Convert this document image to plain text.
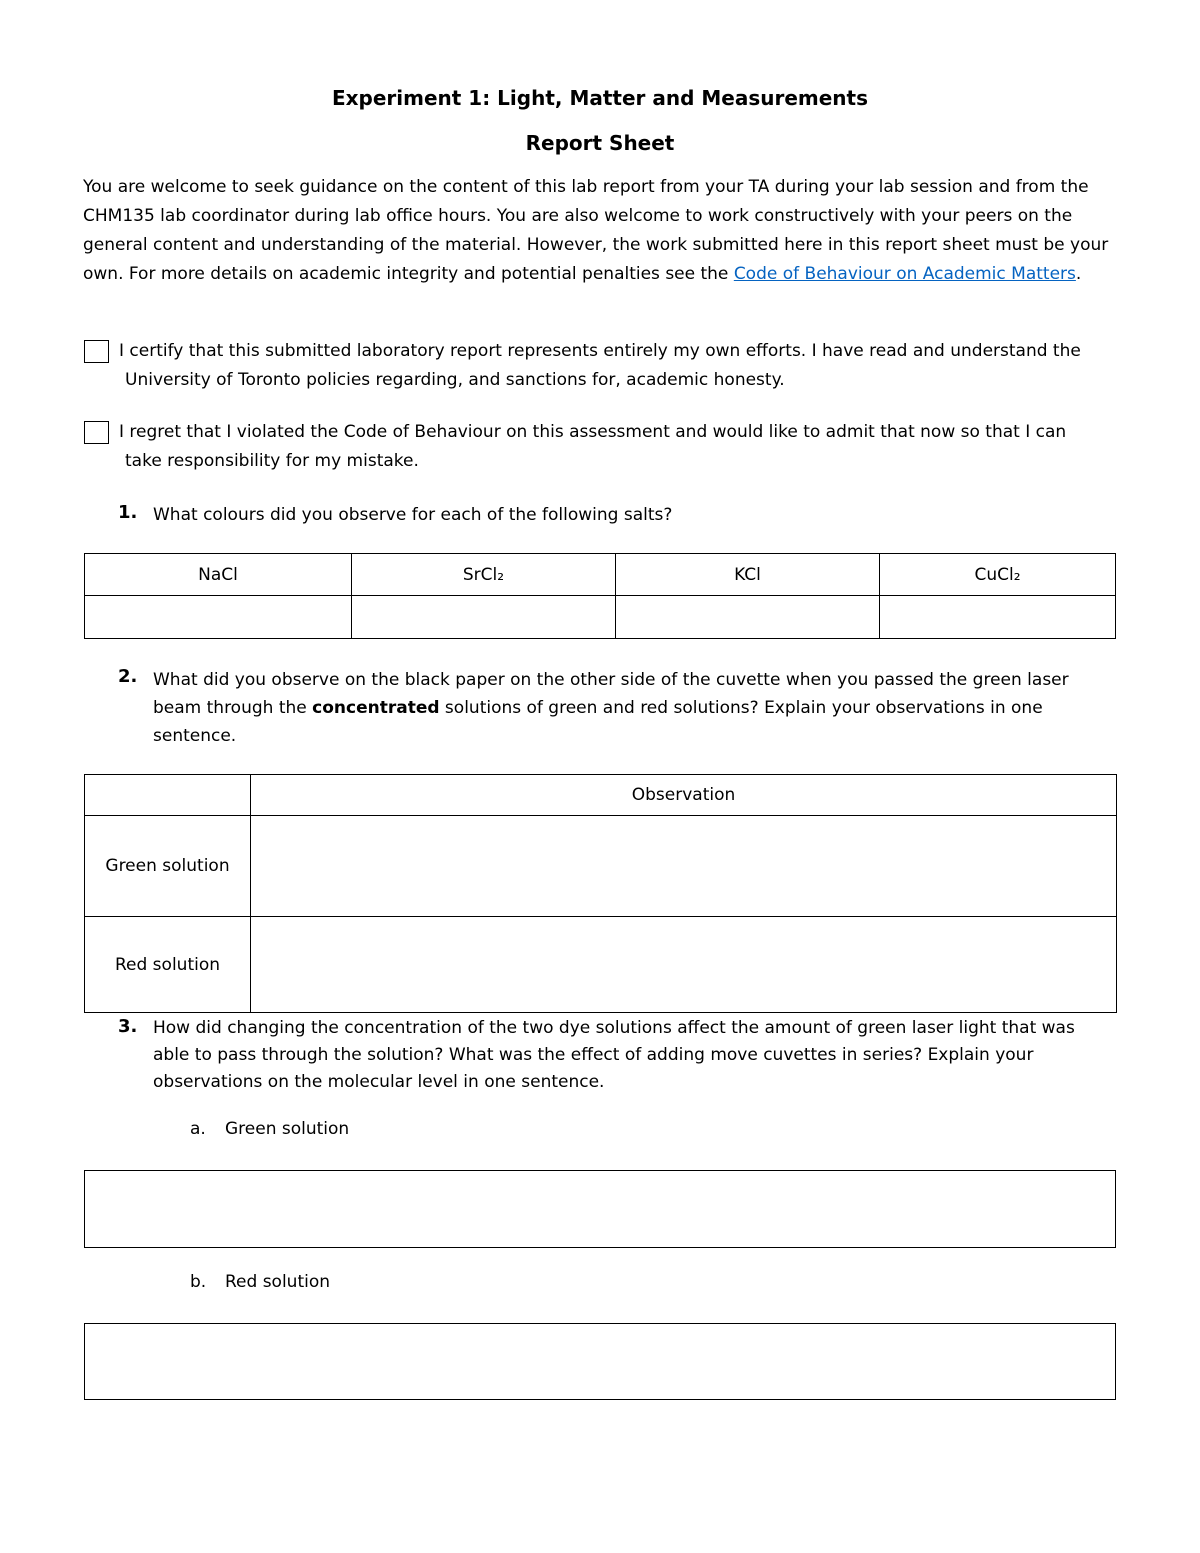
Experiment 1: Light, Matter and Measurements
Report Sheet
You are welcome to seek guidance on the content of this lab report from your TA during your lab session and from the CHM135 lab coordinator during lab office hours. You are also welcome to work constructively with your peers on the general content and understanding of the material. However, the work submitted here in this report sheet must be your own. For more details on academic integrity and potential penalties see the Code of Behaviour on Academic Matters.
I certify that this submitted laboratory report represents entirely my own efforts. I have read and understand the
University of Toronto policies regarding, and sanctions for, academic honesty.
I regret that I violated the Code of Behaviour on this assessment and would like to admit that now so that I can
take responsibility for my mistake.
1. What colours did you observe for each of the following salts?
NaCl	SrCl₂	KCl	CuCl₂

2. What did you observe on the black paper on the other side of the cuvette when you passed the green laser beam through the concentrated solutions of green and red solutions? Explain your observations in one sentence.
	Observation
Green solution	
Red solution	
3. How did changing the concentration of the two dye solutions affect the amount of green laser light that was able to pass through the solution? What was the effect of adding move cuvettes in series? Explain your observations on the molecular level in one sentence.
a. Green solution
b. Red solution
